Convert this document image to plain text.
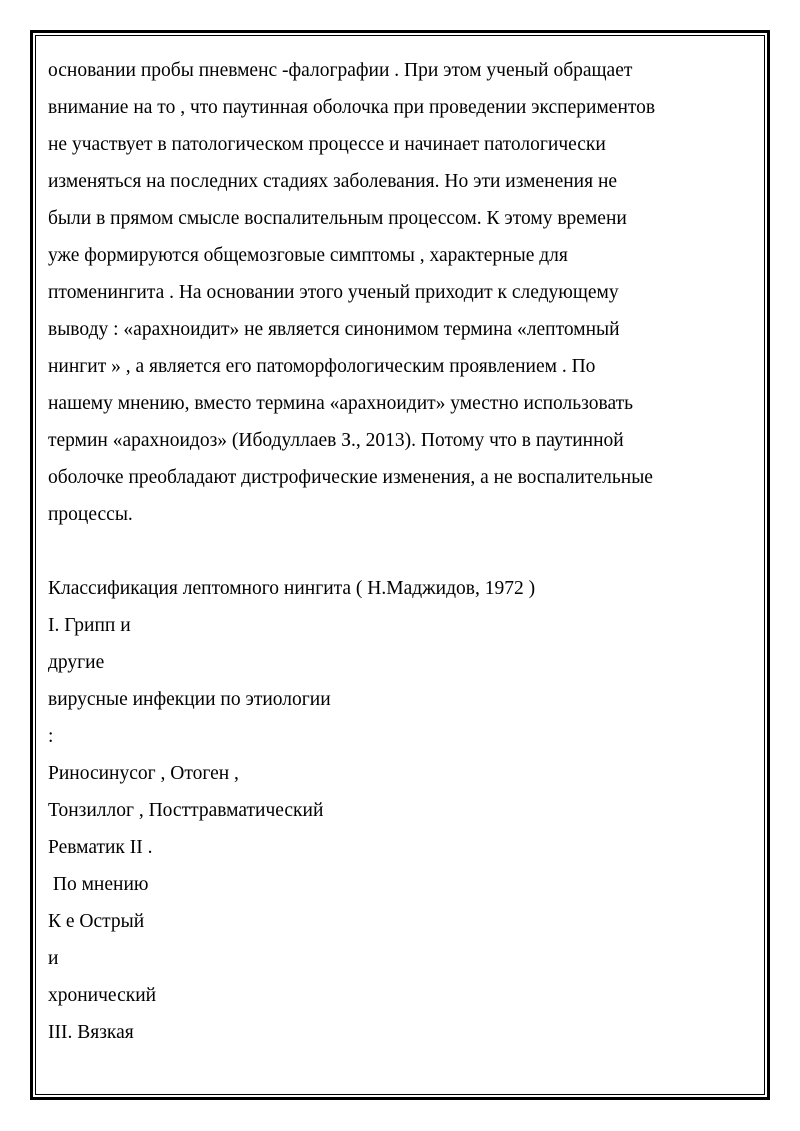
основании пробы пневменс -фалографии . При этом ученый обращает
внимание на то , что паутинная оболочка при проведении экспериментов
не участвует в патологическом процессе и начинает патологически
изменяться на последних стадиях заболевания. Но эти изменения не
были в прямом смысле воспалительным процессом. К этому времени
уже формируются общемозговые симптомы , характерные для
птоменингита . На основании этого ученый приходит к следующему
выводу : «арахноидит» не является синонимом термина «лептомный
нингит » , а является его патоморфологическим проявлением . По
нашему мнению, вместо термина «арахноидит» уместно использовать
термин «арахноидоз» (Ибодуллаев З., 2013). Потому что в паутинной
оболочке преобладают дистрофические изменения, а не воспалительные
процессы.
Классификация лептомного нингита ( Н.Маджидов, 1972 )
I. Грипп и
другие
вирусные инфекции по этиологии
:
Риносинусог , Отоген ,
Тонзиллог , Посттравматический
Ревматик II .
По мнению
К е Острый
и
хронический
III. Вязкая
